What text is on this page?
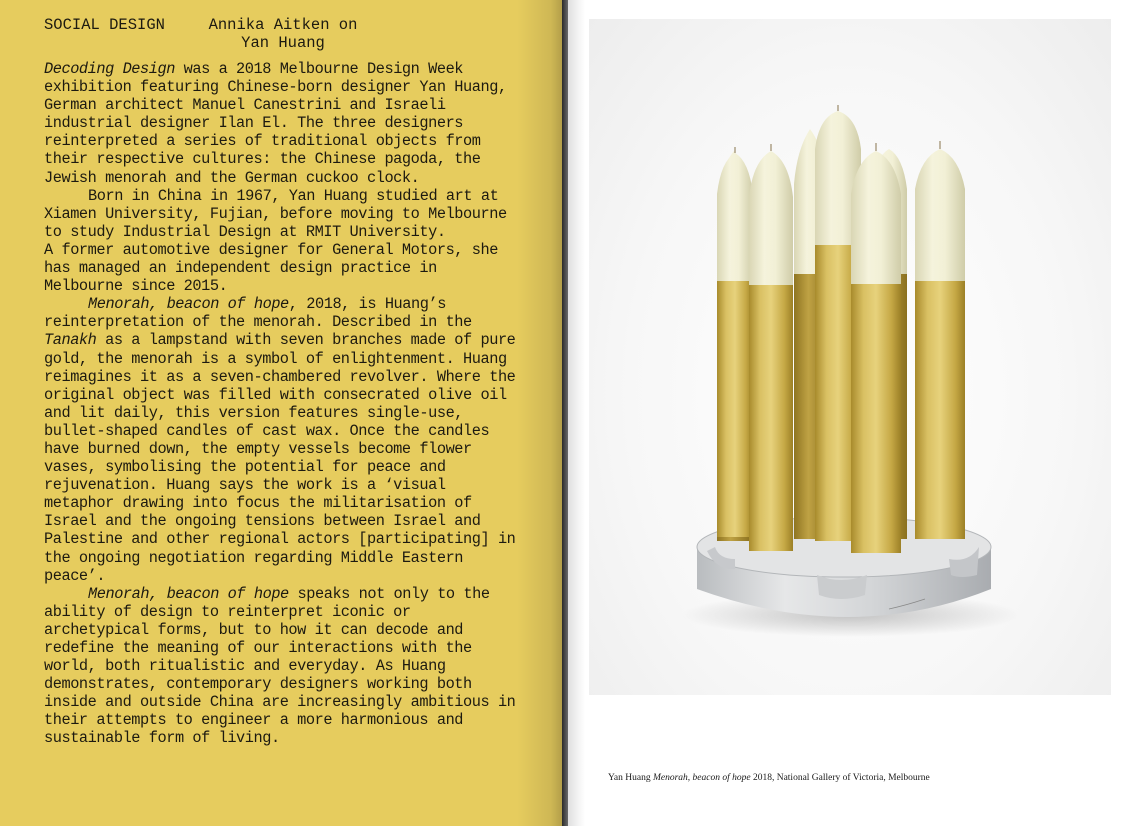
SOCIAL DESIGN	Annika Aitken on
Yan Huang

Decoding Design was a 2018 Melbourne Design Week exhibition featuring Chinese-born designer Yan Huang, German architect Manuel Canestrini and Israeli industrial designer Ilan El. The three designers reinterpreted a series of traditional objects from their respective cultures: the Chinese pagoda, the Jewish menorah and the German cuckoo clock.

Born in China in 1967, Yan Huang studied art at Xiamen University, Fujian, before moving to Melbourne to study Industrial Design at RMIT University.

A former automotive designer for General Motors, she has managed an independent design practice in Melbourne since 2015.

Menorah, beacon of hope, 2018, is Huang’s reinterpretation of the menorah. Described in the Tanakh as a lampstand with seven branches made of pure gold, the menorah is a symbol of enlightenment. Huang reimagines it as a seven-chambered revolver. Where the original object was filled with consecrated olive oil and lit daily, this version features single-use, bullet-shaped candles of cast wax. Once the candles have burned down, the empty vessels become flower vases, symbolising the potential for peace and rejuvenation. Huang says the work is a ‘visual metaphor drawing into focus the militarisation of Israel and the ongoing tensions between Israel and Palestine and other regional actors [participating] in the ongoing negotiation regarding Middle Eastern peace’.

Menorah, beacon of hope speaks not only to the ability of design to reinterpret iconic or archetypical forms, but to how it can decode and redefine the meaning of our interactions with the world, both ritualistic and everyday. As Huang demonstrates, contemporary designers working both inside and outside China are increasingly ambitious in their attempts to engineer a more harmonious and sustainable form of living.

Yan Huang Menorah, beacon of hope 2018, National Gallery of Victoria, Melbourne
